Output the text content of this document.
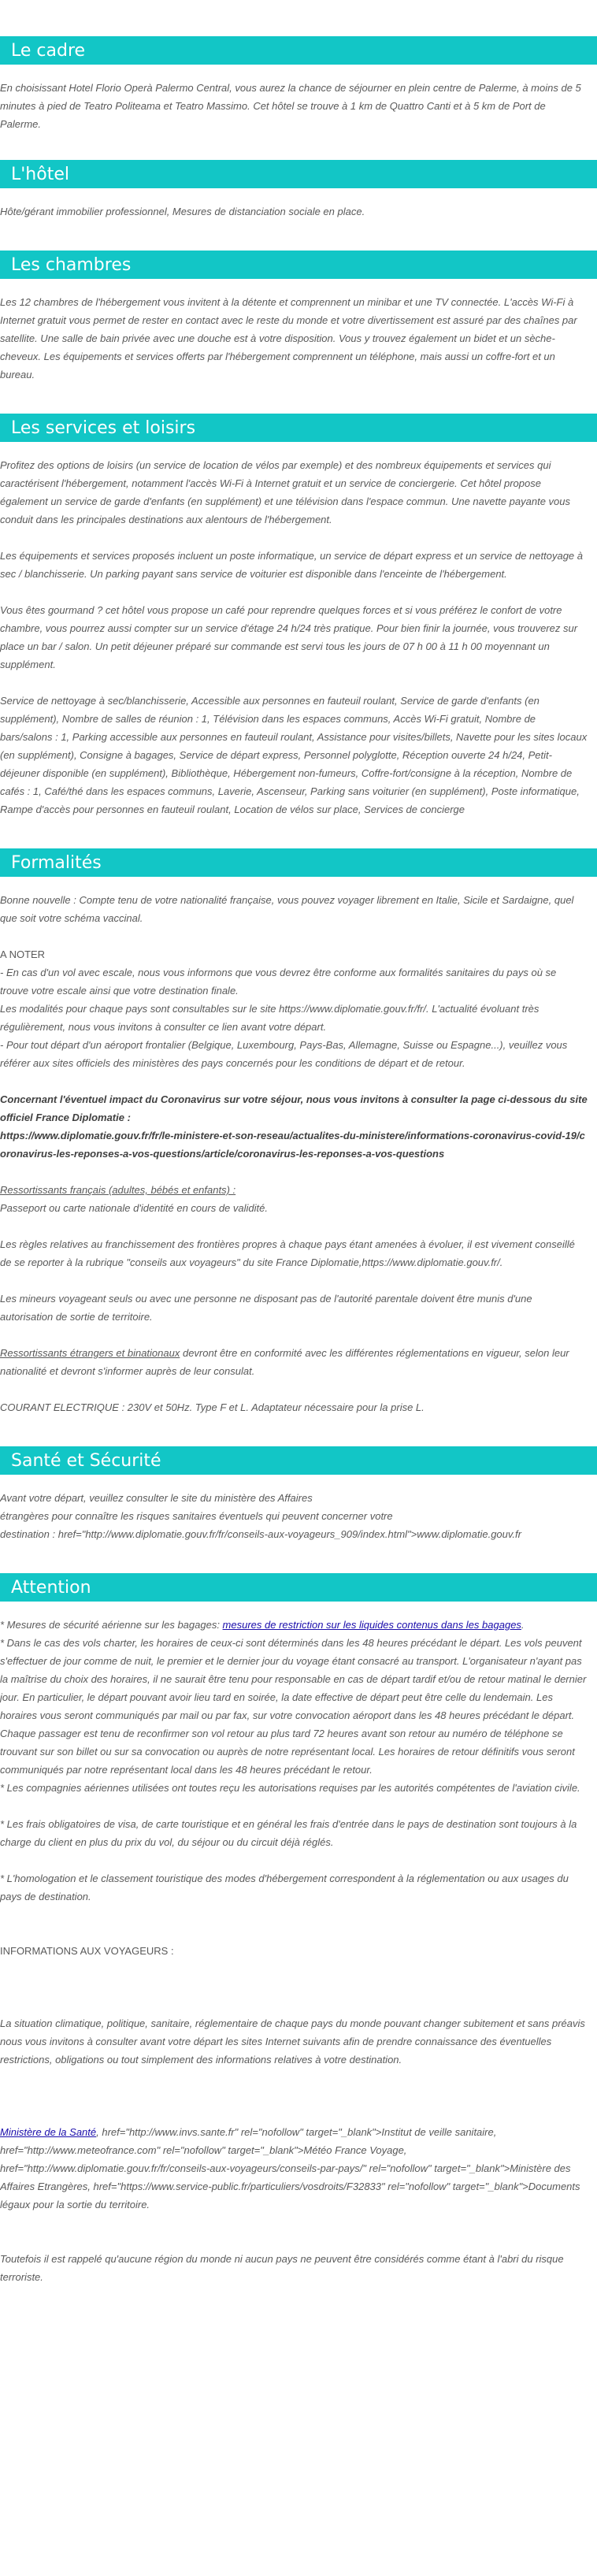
Le cadre

En choisissant Hotel Florio Operà Palermo Central, vous aurez la chance de séjourner en plein centre de Palerme, à moins de 5 minutes à pied de Teatro Politeama et Teatro Massimo. Cet hôtel se trouve à 1 km de Quattro Canti et à 5 km de Port de Palerme.

L'hôtel

Hôte/gérant immobilier professionnel, Mesures de distanciation sociale en place.

Les chambres

Les 12 chambres de l'hébergement vous invitent à la détente et comprennent un minibar et une TV connectée. L'accès Wi-Fi à Internet gratuit vous permet de rester en contact avec le reste du monde et votre divertissement est assuré par des chaînes par satellite. Une salle de bain privée avec une douche est à votre disposition. Vous y trouvez également un bidet et un sèche-cheveux. Les équipements et services offerts par l'hébergement comprennent un téléphone, mais aussi un coffre-fort et un bureau.

Les services et loisirs

Profitez des options de loisirs (un service de location de vélos par exemple) et des nombreux équipements et services qui caractérisent l'hébergement, notamment l'accès Wi-Fi à Internet gratuit et un service de conciergerie. Cet hôtel propose également un service de garde d'enfants (en supplément) et une télévision dans l'espace commun. Une navette payante vous conduit dans les principales destinations aux alentours de l'hébergement.

Les équipements et services proposés incluent un poste informatique, un service de départ express et un service de nettoyage à sec / blanchisserie. Un parking payant sans service de voiturier est disponible dans l'enceinte de l'hébergement.

Vous êtes gourmand ? cet hôtel vous propose un café pour reprendre quelques forces et si vous préférez le confort de votre chambre, vous pourrez aussi compter sur un service d'étage 24 h/24 très pratique. Pour bien finir la journée, vous trouverez sur place un bar / salon. Un petit déjeuner préparé sur commande est servi tous les jours de 07 h 00 à 11 h 00 moyennant un supplément.

Service de nettoyage à sec/blanchisserie, Accessible aux personnes en fauteuil roulant, Service de garde d'enfants (en supplément), Nombre de salles de réunion : 1, Télévision dans les espaces communs, Accès Wi-Fi gratuit, Nombre de bars/salons : 1, Parking accessible aux personnes en fauteuil roulant, Assistance pour visites/billets, Navette pour les sites locaux (en supplément), Consigne à bagages, Service de départ express, Personnel polyglotte, Réception ouverte 24 h/24, Petit-déjeuner disponible (en supplément), Bibliothèque, Hébergement non-fumeurs, Coffre-fort/consigne à la réception, Nombre de cafés : 1, Café/thé dans les espaces communs, Laverie, Ascenseur, Parking sans voiturier (en supplément), Poste informatique, Rampe d'accès pour personnes en fauteuil roulant, Location de vélos sur place, Services de concierge

Formalités

Bonne nouvelle : Compte tenu de votre nationalité française, vous pouvez voyager librement en Italie, Sicile et Sardaigne, quel que soit votre schéma vaccinal.

A NOTER

- En cas d'un vol avec escale, nous vous informons que vous devrez être conforme aux formalités sanitaires du pays où se trouve votre escale ainsi que votre destination finale.

Les modalités pour chaque pays sont consultables sur le site https://www.diplomatie.gouv.fr/fr/. L'actualité évoluant très régulièrement, nous vous invitons à consulter ce lien avant votre départ.

- Pour tout départ d'un aéroport frontalier (Belgique, Luxembourg, Pays-Bas, Allemagne, Suisse ou Espagne...), veuillez vous référer aux sites officiels des ministères des pays concernés pour les conditions de départ et de retour.

Concernant l'éventuel impact du Coronavirus sur votre séjour, nous vous invitons à consulter la page ci-dessous du site officiel France Diplomatie :

https://www.diplomatie.gouv.fr/fr/le-ministere-et-son-reseau/actualites-du-ministere/informations-coronavirus-covid-19/coronavirus-les-reponses-a-vos-questions/article/coronavirus-les-reponses-a-vos-questions

Ressortissants français (adultes, bébés et enfants) :

Passeport ou carte nationale d'identité en cours de validité.

Les règles relatives au franchissement des frontières propres à chaque pays étant amenées à évoluer, il est vivement conseillé de se reporter à la rubrique "conseils aux voyageurs" du site France Diplomatie,https://www.diplomatie.gouv.fr/.

Les mineurs voyageant seuls ou avec une personne ne disposant pas de l'autorité parentale doivent être munis d'une autorisation de sortie de territoire.

Ressortissants étrangers et binationaux devront être en conformité avec les différentes réglementations en vigueur, selon leur nationalité et devront s'informer auprès de leur consulat.

COURANT ELECTRIQUE : 230V et 50Hz. Type F et L. Adaptateur nécessaire pour la prise L.

Santé et Sécurité

Avant votre départ, veuillez consulter le site du ministère des Affaires

étrangères pour connaître les risques sanitaires éventuels qui peuvent concerner votre

destination : href="http://www.diplomatie.gouv.fr/fr/conseils-aux-voyageurs_909/index.html">www.diplomatie.gouv.fr

Attention

* Mesures de sécurité aérienne sur les bagages: mesures de restriction sur les liquides contenus dans les bagages.

* Dans le cas des vols charter, les horaires de ceux-ci sont déterminés dans les 48 heures précédant le départ. Les vols peuvent s'effectuer de jour comme de nuit, le premier et le dernier jour du voyage étant consacré au transport. L'organisateur n'ayant pas la maîtrise du choix des horaires, il ne saurait être tenu pour responsable en cas de départ tardif et/ou de retour matinal le dernier jour. En particulier, le départ pouvant avoir lieu tard en soirée, la date effective de départ peut être celle du lendemain. Les horaires vous seront communiqués par mail ou par fax, sur votre convocation aéroport dans les 48 heures précédant le départ. Chaque passager est tenu de reconfirmer son vol retour au plus tard 72 heures avant son retour au numéro de téléphone se trouvant sur son billet ou sur sa convocation ou auprès de notre représentant local. Les horaires de retour définitifs vous seront communiqués par notre représentant local dans les 48 heures précédant le retour.

* Les compagnies aériennes utilisées ont toutes reçu les autorisations requises par les autorités compétentes de l'aviation civile.

* Les frais obligatoires de visa, de carte touristique et en général les frais d'entrée dans le pays de destination sont toujours à la charge du client en plus du prix du vol, du séjour ou du circuit déjà réglés.

* L'homologation et le classement touristique des modes d'hébergement correspondent à la réglementation ou aux usages du pays de destination.

INFORMATIONS AUX VOYAGEURS :

La situation climatique, politique, sanitaire, réglementaire de chaque pays du monde pouvant changer subitement et sans préavis

nous vous invitons à consulter avant votre départ les sites Internet suivants afin de prendre connaissance des éventuelles restrictions, obligations ou tout simplement des informations relatives à votre destination.

Ministère de la Santé, href="http://www.invs.sante.fr" rel="nofollow" target="_blank">Institut de veille sanitaire, href="http://www.meteofrance.com" rel="nofollow" target="_blank">Météo France Voyage, href="http://www.diplomatie.gouv.fr/fr/conseils-aux-voyageurs/conseils-par-pays/" rel="nofollow" target="_blank">Ministère des Affaires Etrangères, href="https://www.service-public.fr/particuliers/vosdroits/F32833" rel="nofollow" target="_blank">Documents légaux pour la sortie du territoire.

Toutefois il est rappelé qu'aucune région du monde ni aucun pays ne peuvent être considérés comme étant à l'abri du risque terroriste.
